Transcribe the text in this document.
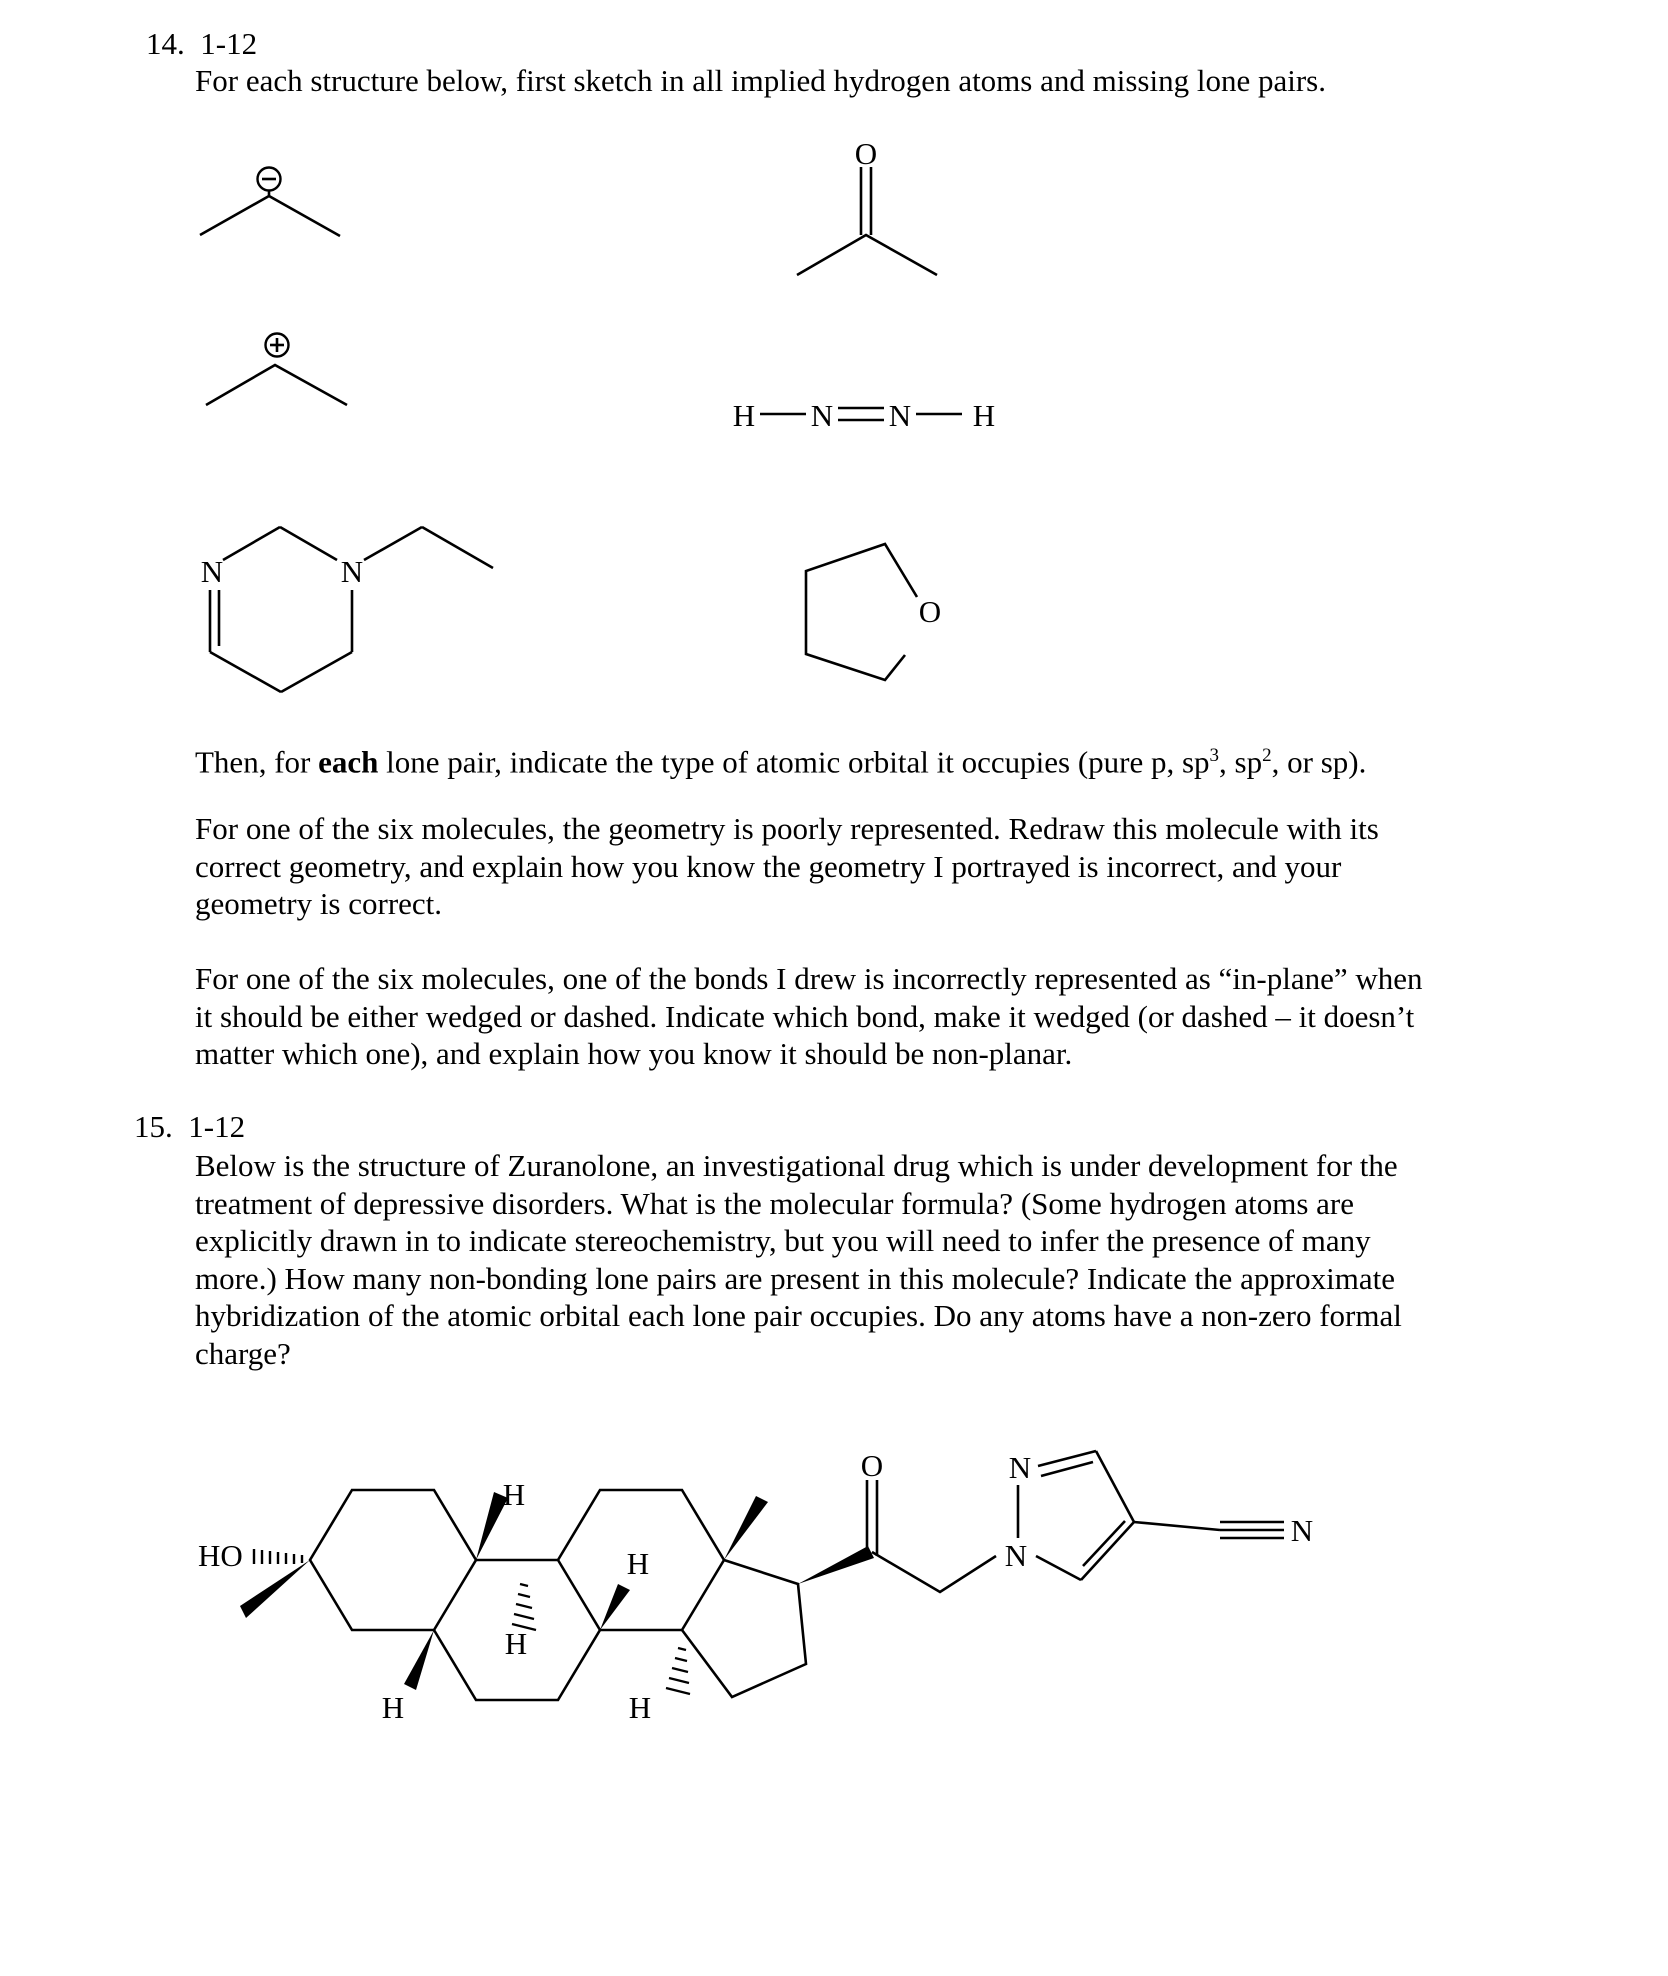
14. 1-12
For each structure below, first sketch in all implied hydrogen atoms and missing lone pairs.
O
H N N H
N	N
O
Then, for each lone pair, indicate the type of atomic orbital it occupies (pure p, $sp^3$, $sp^2$, or sp).
For one of the six molecules, the geometry is poorly represented. Redraw this molecule with its
correct geometry, and explain how you know the geometry I portrayed is incorrect, and your
geometry is correct.
For one of the six molecules, one of the bonds I drew is incorrectly represented as “in-plane” when
it should be either wedged or dashed. Indicate which bond, make it wedged (or dashed – it doesn’t
matter which one), and explain how you know it should be non-planar.
15. 1-12
Below is the structure of Zuranolone, an investigational drug which is under development for the
treatment of depressive disorders. What is the molecular formula? (Some hydrogen atoms are
explicitly drawn in to indicate stereochemistry, but you will need to infer the presence of many
more.) How many non-bonding lone pairs are present in this molecule? Indicate the approximate
hybridization of the atomic orbital each lone pair occupies. Do any atoms have a non-zero formal
charge?
HO
H
H
H
H
H
O
N
N
N
